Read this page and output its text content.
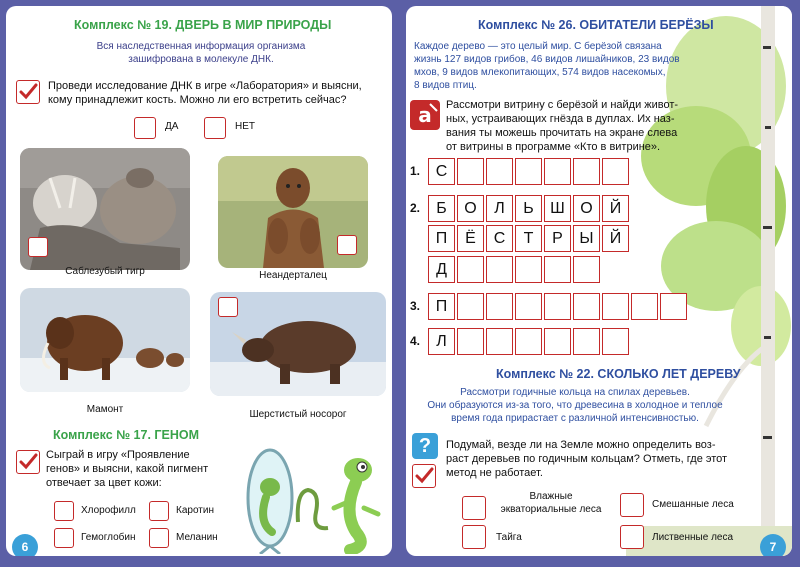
Комплекс № 19. ДВЕРЬ В МИР ПРИРОДЫ
Вся наследственная информация организма
зашифрована в молекуле ДНК.
Проведи исследование ДНК в игре «Лаборатория» и выясни,
кому принадлежит кость. Можно ли его встретить сейчас?
ДА	НЕТ
Саблезубый тигр	Неандерталец
Мамонт	Шерстистый носорог
Комплекс № 17. ГЕНОМ
Сыграй в игру «Проявление
генов» и выясни, какой пигмент
отвечает за цвет кожи:
Хлорофилл	Каротин
Гемоглобин	Меланин
6
Комплекс № 26. ОБИТАТЕЛИ БЕРЁЗЫ
Каждое дерево — это целый мир. С берёзой связана
жизнь 127 видов грибов, 46 видов лишайников, 23 видов
мхов, 9 видов млекопитающих, 574 видов насекомых,
8 видов птиц.
a Рассмотри витрину с берёзой и найди живот-
ных, устраивающих гнёзда в дуплах. Их наз-
вания ты можешь прочитать на экране слева
от витрины в программе «Кто в витрине».
1. С
2.	Б	О	Л	Ь	Ш О	Й
П	Ё	С	Т	Р	Ы	Й
Д
3. П
4.	Л
Комплекс № 22. СКОЛЬКО ЛЕТ ДЕРЕВУ
Рассмотри годичные кольца на спилах деревьев.
Они образуются из-за того, что древесина в холодное и теплое
время года прирастает с различной интенсивностью.
?	Подумай, везде ли на Земле можно определить воз-
раст деревьев по годичным кольцам? Отметь, где этот
метод не работает.
Влажные экваториальные леса	Смешанные леса
Тайга	Лиственные леса
7
